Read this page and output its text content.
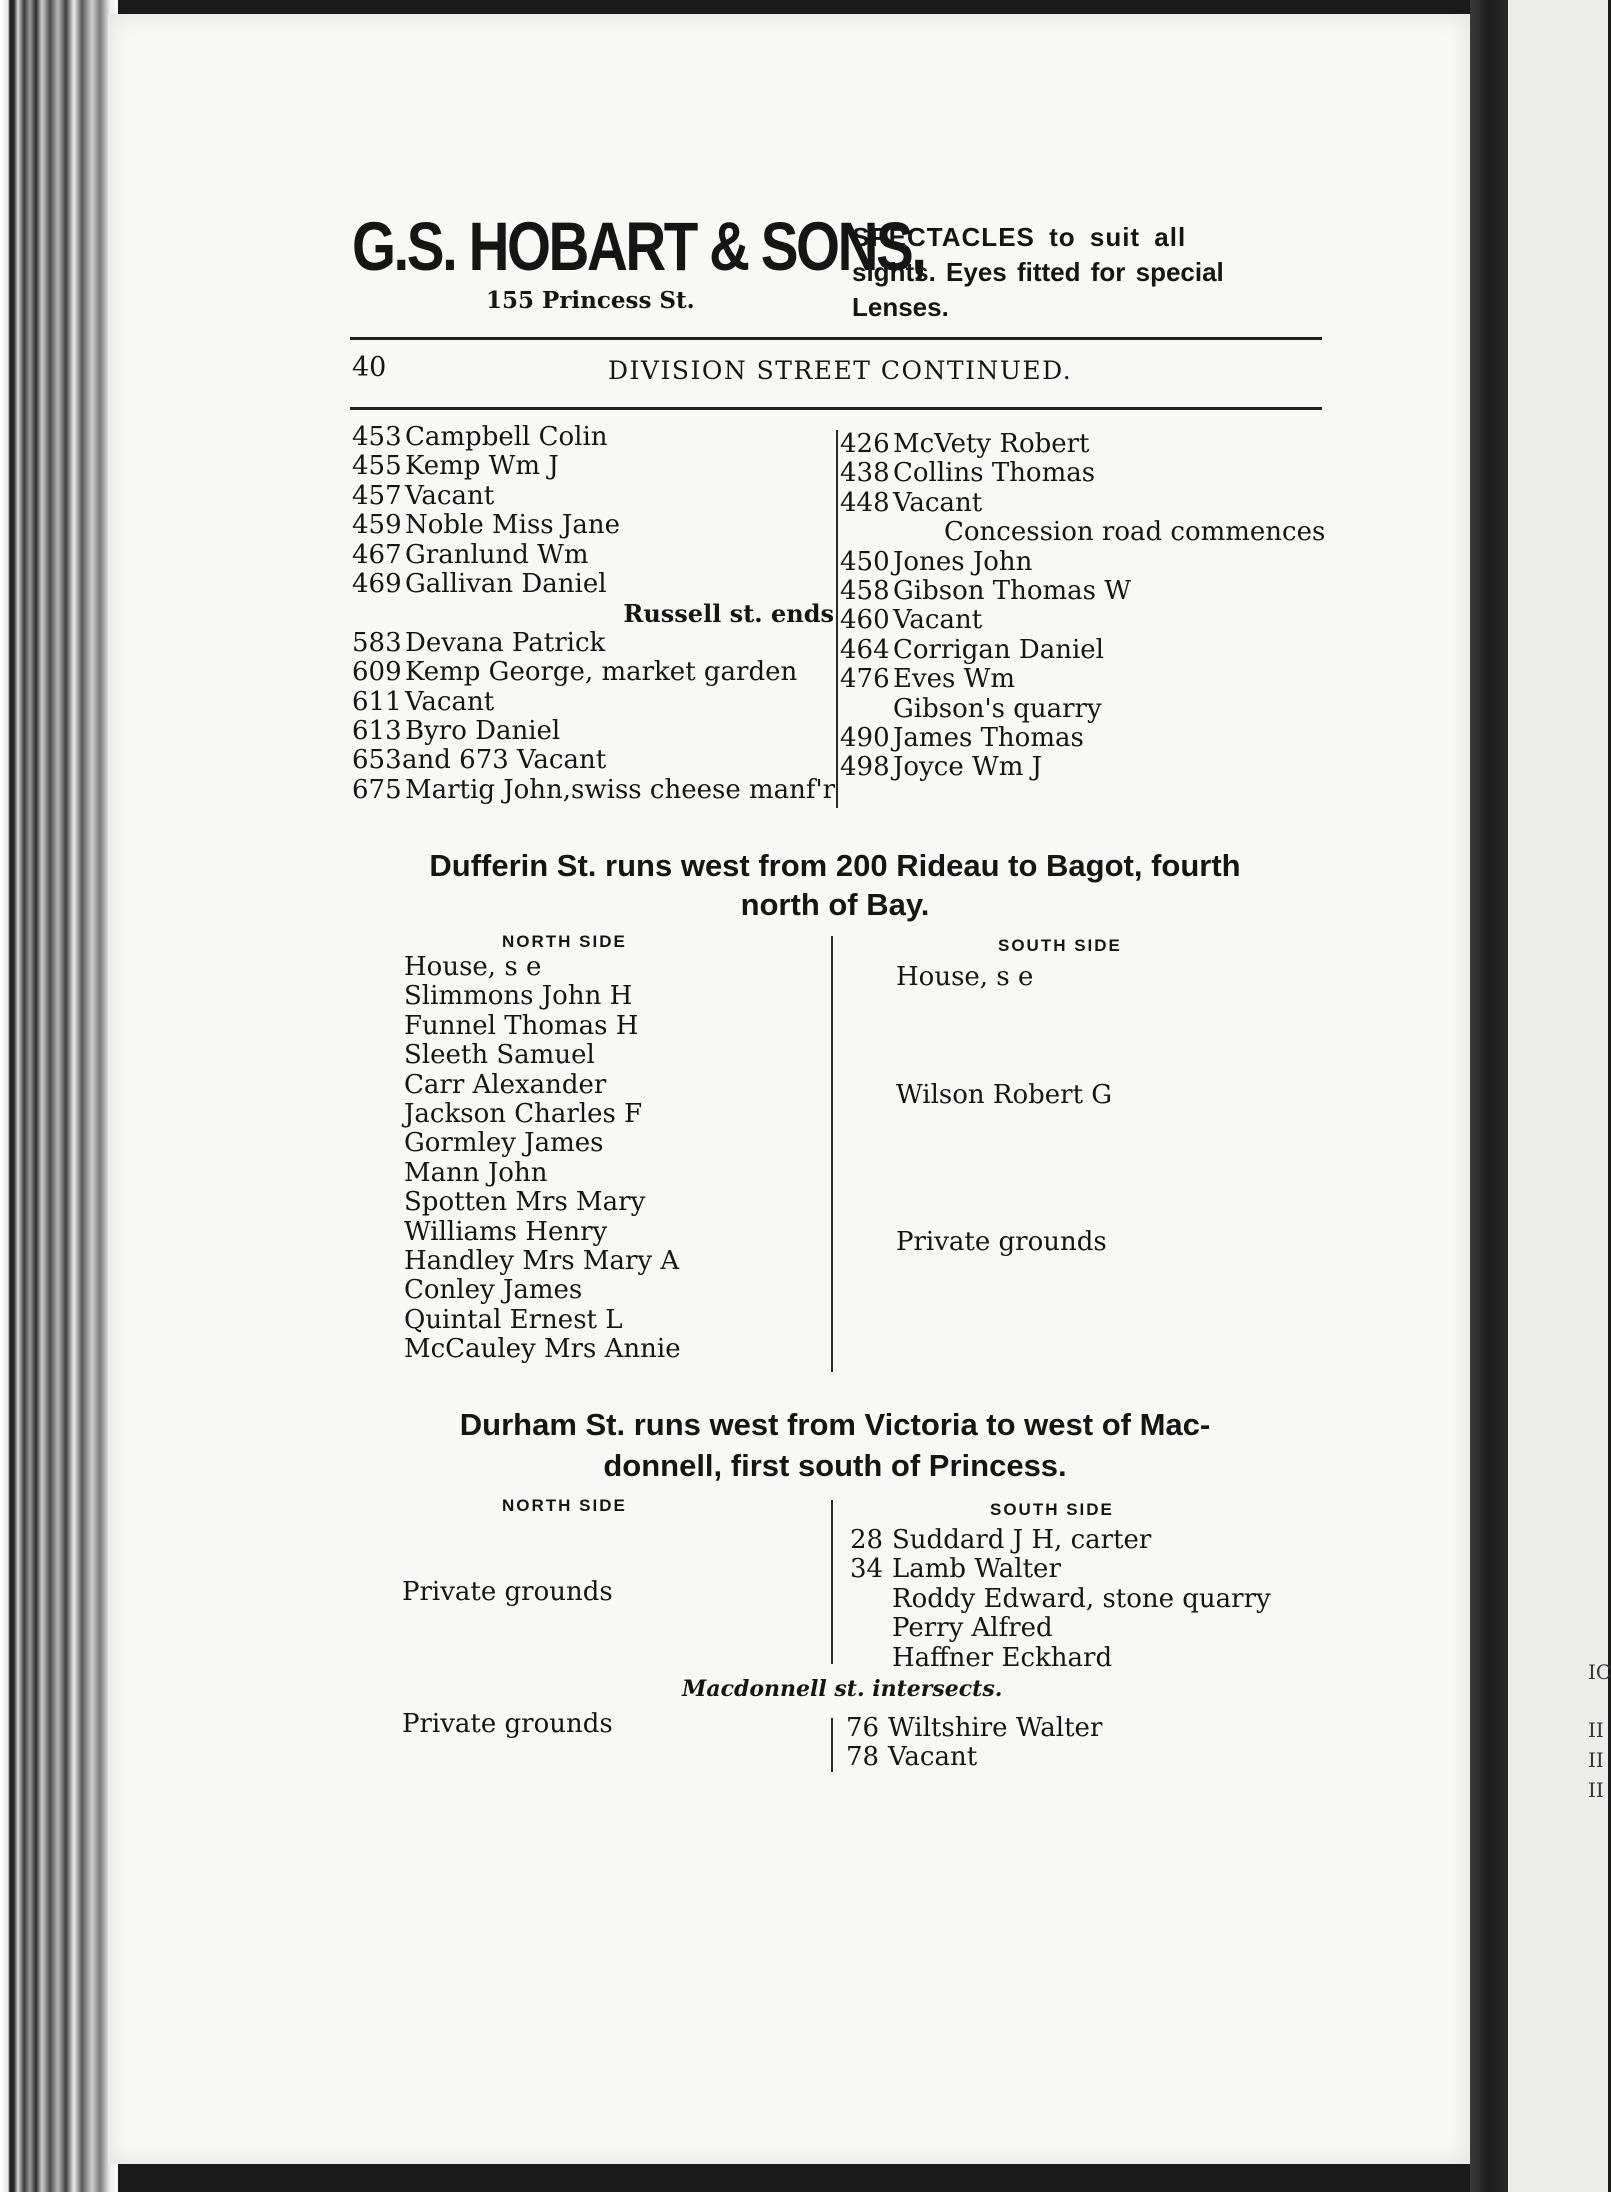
IC
II
II
II
G.S. HOBART & SONS,
155 Princess St.
SPECTACLES to suit all
sights. Eyes fitted for special
Lenses.
40	DIVISION STREET CONTINUED.
453 Campbell Colin
455 Kemp Wm J
457 Vacant
459 Noble Miss Jane
467 Granlund Wm
469 Gallivan Daniel
Russell st. ends
583 Devana Patrick
609 Kemp George, market garden
611 Vacant
613 Byro Daniel
653and 673 Vacant
675 Martig John,swiss cheese manf'r
426 McVety Robert
438 Collins Thomas
448 Vacant
Concession road commences
450 Jones John
458 Gibson Thomas W
460 Vacant
464 Corrigan Daniel
476 Eves Wm
Gibson's quarry
490 James Thomas
498 Joyce Wm J
Dufferin St. runs west from 200 Rideau to Bagot, fourth
north of Bay.
NORTH SIDE	SOUTH SIDE
House, s e
Slimmons John H
Funnel Thomas H
Sleeth Samuel
Carr Alexander
Jackson Charles F
Gormley James
Mann John
Spotten Mrs Mary
Williams Henry
Handley Mrs Mary A
Conley James
Quintal Ernest L
McCauley Mrs Annie
House, s e
Wilson Robert G
Private grounds
Durham St. runs west from Victoria to west of Mac-
donnell, first south of Princess.
NORTH SIDE	SOUTH SIDE
Private grounds
Private grounds
28 Suddard J H, carter
34 Lamb Walter
Roddy Edward, stone quarry
Perry Alfred
Haffner Eckhard
Macdonnell st. intersects.
76 Wiltshire Walter
78 Vacant
